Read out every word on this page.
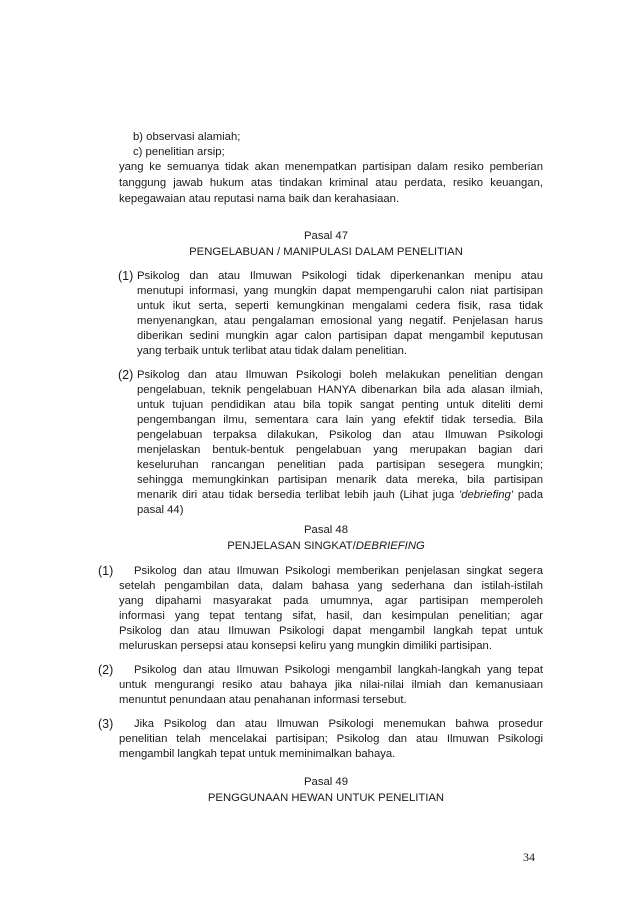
b) observasi alamiah;
c) penelitian arsip;
yang ke semuanya tidak akan menempatkan partisipan dalam resiko pemberian
tanggung jawab hukum atas tindakan kriminal atau perdata, resiko keuangan,
kepegawaian atau reputasi nama baik dan kerahasiaan.
Pasal 47
PENGELABUAN / MANIPULASI DALAM PENELITIAN
(1) Psikolog dan atau Ilmuwan Psikologi tidak diperkenankan menipu atau
menutupi informasi, yang mungkin dapat mempengaruhi calon niat partisipan
untuk ikut serta, seperti kemungkinan mengalami cedera fisik, rasa tidak
menyenangkan, atau pengalaman emosional yang negatif. Penjelasan harus
diberikan sedini mungkin agar calon partisipan dapat mengambil keputusan
yang terbaik untuk terlibat atau tidak dalam penelitian.
(2) Psikolog dan atau Ilmuwan Psikologi boleh melakukan penelitian dengan
pengelabuan, teknik pengelabuan HANYA dibenarkan bila ada alasan ilmiah,
untuk tujuan pendidikan atau bila topik sangat penting untuk diteliti demi
pengembangan ilmu, sementara cara lain yang efektif tidak tersedia. Bila
pengelabuan terpaksa dilakukan, Psikolog dan atau Ilmuwan Psikologi
menjelaskan bentuk-bentuk pengelabuan yang merupakan bagian dari
keseluruhan rancangan penelitian pada partisipan sesegera mungkin;
sehingga memungkinkan partisipan menarik data mereka, bila partisipan
menarik diri atau tidak bersedia terlibat lebih jauh (Lihat juga 'debriefing' pada
pasal 44)
Pasal 48
PENJELASAN SINGKAT/DEBRIEFING
(1) Psikolog dan atau Ilmuwan Psikologi memberikan penjelasan singkat segera
setelah pengambilan data, dalam bahasa yang sederhana dan istilah-istilah
yang dipahami masyarakat pada umumnya, agar partisipan memperoleh
informasi yang tepat tentang sifat, hasil, dan kesimpulan penelitian; agar
Psikolog dan atau Ilmuwan Psikologi dapat mengambil langkah tepat untuk
meluruskan persepsi atau konsepsi keliru yang mungkin dimiliki partisipan.
(2) Psikolog dan atau Ilmuwan Psikologi mengambil langkah-langkah yang tepat
untuk mengurangi resiko atau bahaya jika nilai-nilai ilmiah dan kemanusiaan
menuntut penundaan atau penahanan informasi tersebut.
(3) Jika Psikolog dan atau Ilmuwan Psikologi menemukan bahwa prosedur
penelitian telah mencelakai partisipan; Psikolog dan atau Ilmuwan Psikologi
mengambil langkah tepat untuk meminimalkan bahaya.
Pasal 49
PENGGUNAAN HEWAN UNTUK PENELITIAN
34
